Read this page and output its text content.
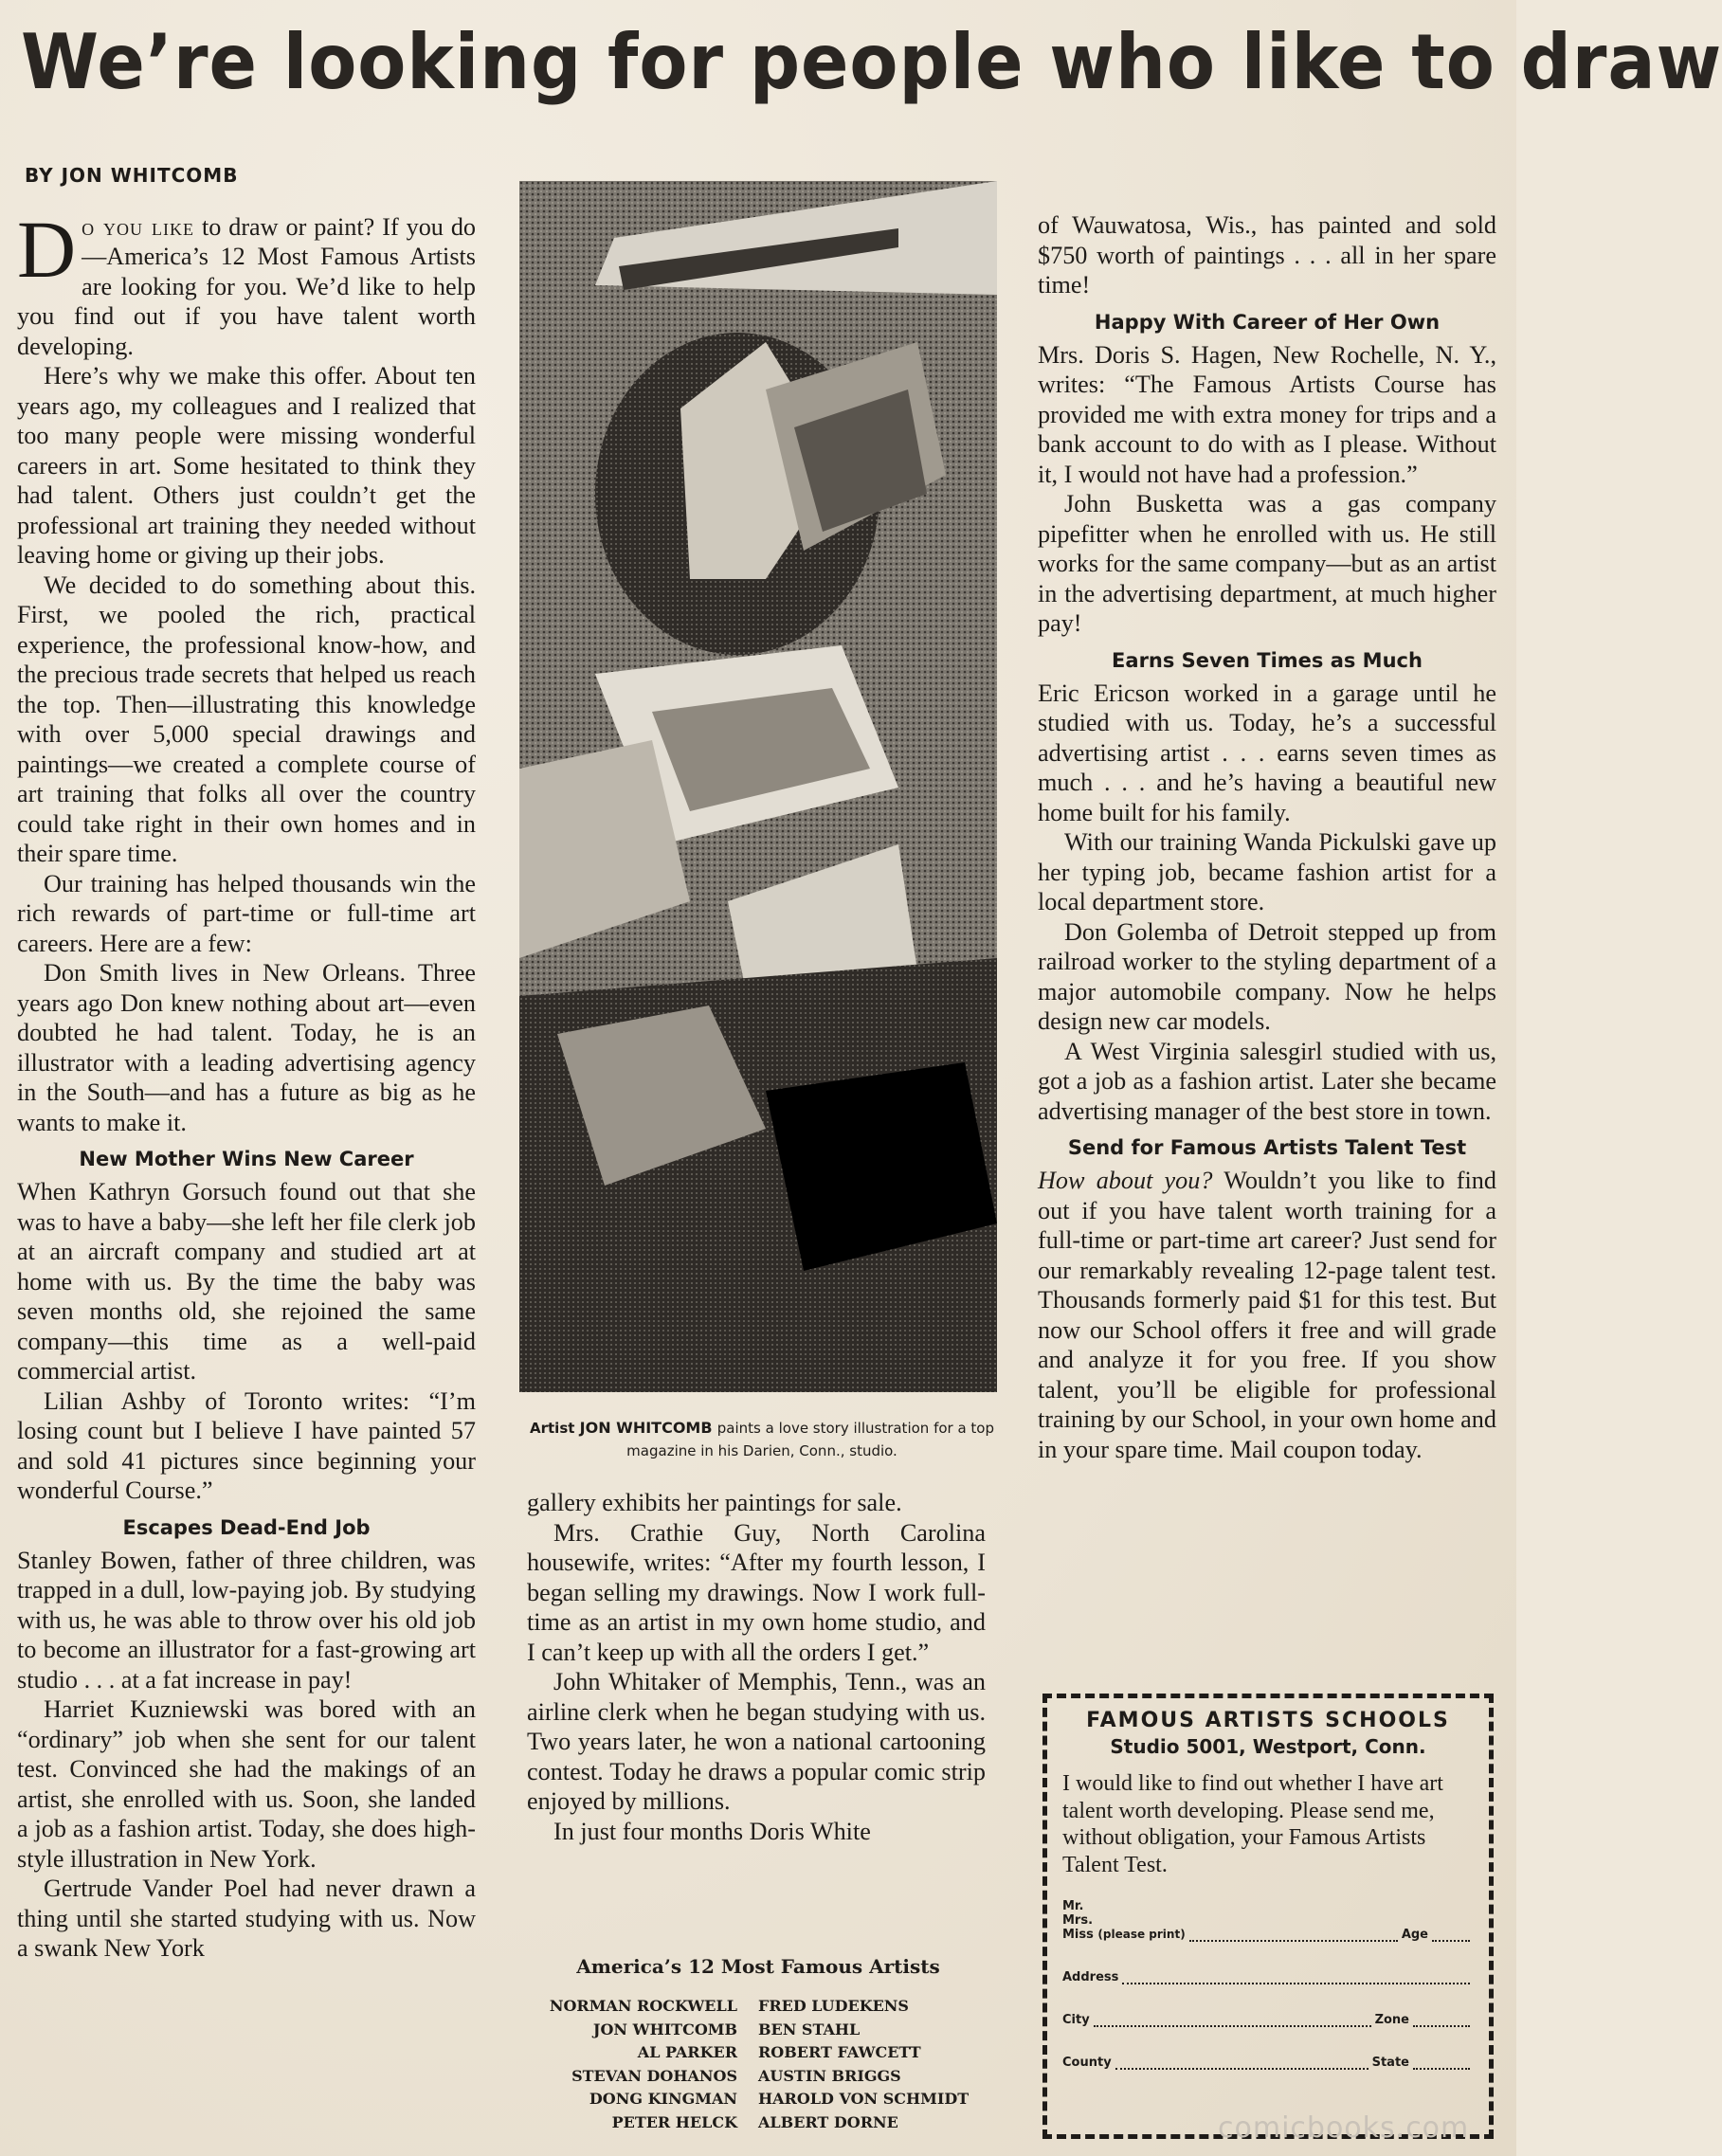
We’re looking for people who like to draw
BY JON WHITCOMB

Do you like to draw or paint? If you do—America’s 12 Most Famous Artists are looking for you. We’d like to help you find out if you have talent worth developing.

Here’s why we make this offer. About ten years ago, my colleagues and I realized that too many people were missing wonderful careers in art. Some hesitated to think they had talent. Others just couldn’t get the professional art training they needed without leaving home or giving up their jobs.

We decided to do something about this. First, we pooled the rich, practical experience, the professional know-how, and the precious trade secrets that helped us reach the top. Then—illustrating this knowledge with over 5,000 special drawings and paintings—we created a complete course of art training that folks all over the country could take right in their own homes and in their spare time.

Our training has helped thousands win the rich rewards of part-time or full-time art careers. Here are a few:

Don Smith lives in New Orleans. Three years ago Don knew nothing about art—even doubted he had talent. Today, he is an illustrator with a leading advertising agency in the South—and has a future as big as he wants to make it.

New Mother Wins New Career

When Kathryn Gorsuch found out that she was to have a baby—she left her file clerk job at an aircraft company and studied art at home with us. By the time the baby was seven months old, she rejoined the same company—this time as a well-paid commercial artist.

Lilian Ashby of Toronto writes: “I’m losing count but I believe I have painted 57 and sold 41 pictures since beginning your wonderful Course.”

Escapes Dead-End Job

Stanley Bowen, father of three children, was trapped in a dull, low-paying job. By studying with us, he was able to throw over his old job to become an illustrator for a fast-growing art studio . . . at a fat increase in pay!

Harriet Kuzniewski was bored with an “ordinary” job when she sent for our talent test. Convinced she had the makings of an artist, she enrolled with us. Soon, she landed a job as a fashion artist. Today, she does high-style illustration in New York.

Gertrude Vander Poel had never drawn a thing until she started studying with us. Now a swank New York

Artist JON WHITCOMB paints a love story illustration for a top magazine in his Darien, Conn., studio.

gallery exhibits her paintings for sale.

Mrs. Crathie Guy, North Carolina housewife, writes: “After my fourth lesson, I began selling my drawings. Now I work full-time as an artist in my own home studio, and I can’t keep up with all the orders I get.”

John Whitaker of Memphis, Tenn., was an airline clerk when he began studying with us. Two years later, he won a national cartooning contest. Today he draws a popular comic strip enjoyed by millions.

In just four months Doris White

America’s 12 Most Famous Artists
NORMAN ROCKWELL	FRED LUDEKENS
JON WHITCOMB	BEN STAHL
AL PARKER	ROBERT FAWCETT
STEVAN DOHANOS	AUSTIN BRIGGS
DONG KINGMAN	HAROLD VON SCHMIDT
PETER HELCK	ALBERT DORNE

of Wauwatosa, Wis., has painted and sold $750 worth of paintings . . . all in her spare time!

Happy With Career of Her Own

Mrs. Doris S. Hagen, New Rochelle, N. Y., writes: “The Famous Artists Course has provided me with extra money for trips and a bank account to do with as I please. Without it, I would not have had a profession.”

John Busketta was a gas company pipefitter when he enrolled with us. He still works for the same company—but as an artist in the advertising department, at much higher pay!

Earns Seven Times as Much

Eric Ericson worked in a garage until he studied with us. Today, he’s a successful advertising artist . . . earns seven times as much . . . and he’s having a beautiful new home built for his family.

With our training Wanda Pickulski gave up her typing job, became fashion artist for a local department store.

Don Golemba of Detroit stepped up from railroad worker to the styling department of a major automobile company. Now he helps design new car models.

A West Virginia salesgirl studied with us, got a job as a fashion artist. Later she became advertising manager of the best store in town.

Send for Famous Artists Talent Test

How about you? Wouldn’t you like to find out if you have talent worth training for a full-time or part-time art career? Just send for our remarkably revealing 12-page talent test. Thousands formerly paid $1 for this test. But now our School offers it free and will grade and analyze it for you free. If you show talent, you’ll be eligible for professional training by our School, in your own home and in your spare time. Mail coupon today.

FAMOUS ARTISTS SCHOOLS
Studio 5001, Westport, Conn.
I would like to find out whether I have art talent worth developing. Please send me, without obligation, your Famous Artists Talent Test.
Mr.
Mrs.
Miss (please print)	Age
Address
City	Zone
County	State
comicbooks.com
